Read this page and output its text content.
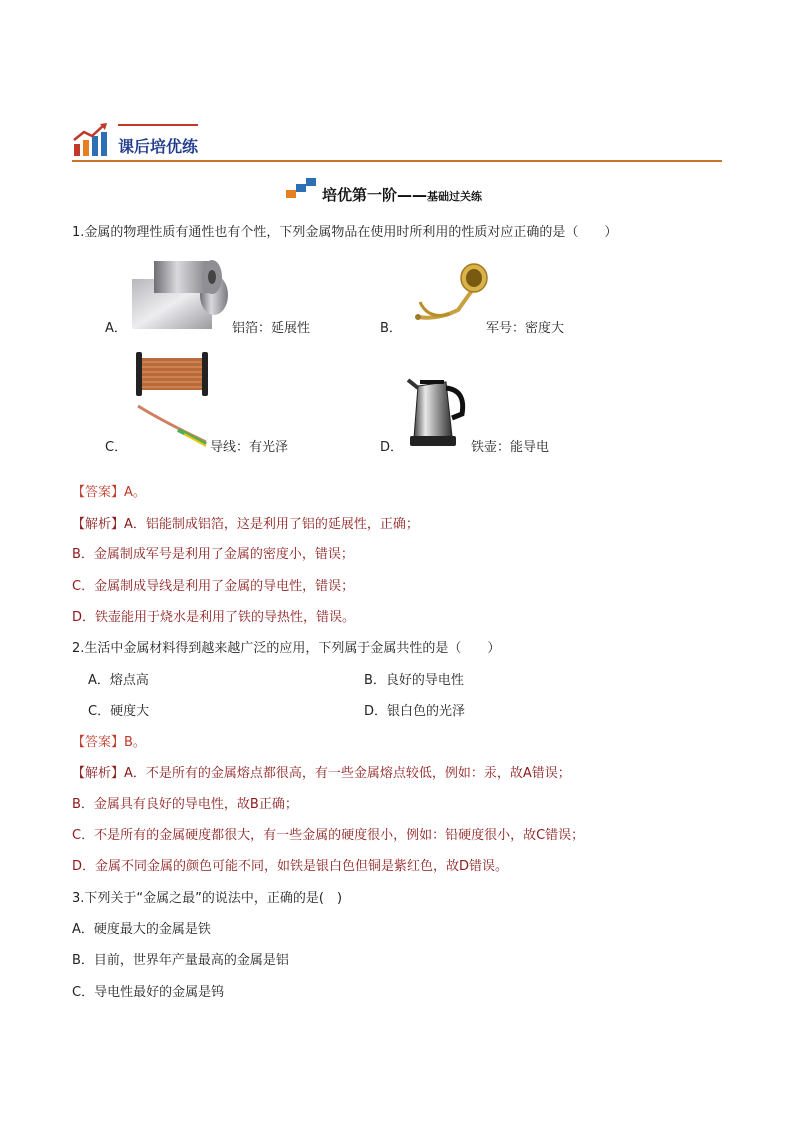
课后培优练
培优第一阶——基础过关练
1.金属的物理性质有通性也有个性，下列金属物品在使用时所利用的性质对应正确的是（　　）
A．	铝箔：延展性	B．	军号：密度大
C．	导线：有光泽	D．	铁壶：能导电
【答案】A。
【解析】A．铝能制成铝箔，这是利用了铝的延展性，正确；
B．金属制成军号是利用了金属的密度小，错误；
C．金属制成导线是利用了金属的导电性，错误；
D．铁壶能用于烧水是利用了铁的导热性，错误。
2.生活中金属材料得到越来越广泛的应用，下列属于金属共性的是（　　）
A．熔点高	B．良好的导电性
C．硬度大	D．银白色的光泽
【答案】B。
【解析】A．不是所有的金属熔点都很高，有一些金属熔点较低，例如：汞，故A错误；
B．金属具有良好的导电性，故B正确；
C．不是所有的金属硬度都很大，有一些金属的硬度很小，例如：铅硬度很小，故C错误；
D．金属不同金属的颜色可能不同，如铁是银白色但铜是紫红色，故D错误。
3.下列关于“金属之最”的说法中，正确的是(　)
A．硬度最大的金属是铁
B．目前，世界年产量最高的金属是铝
C．导电性最好的金属是钨
